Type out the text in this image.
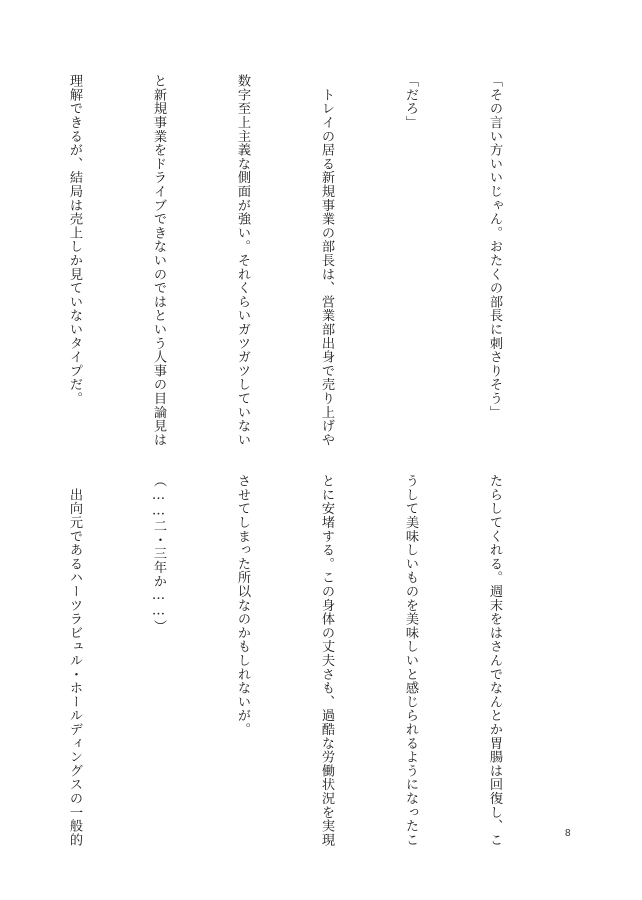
「その言い方いいじゃん。おたくの部長に刺さりそう」

「だろ」

　トレイの居る新規事業の部長は、営業部出身で売り上げや

数字至上主義な側面が強い。それくらいガツガツしていない

と新規事業をドライブできないのではという人事の目論見は

理解できるが、結局は売上しか見ていないタイプだ。

たらしてくれる。週末をはさんでなんとか胃腸は回復し、こ

うして美味しいものを美味しいと感じられるようになったこ

とに安堵する。この身体の丈夫さも、過酷な労働状況を実現

させてしまった所以なのかもしれないが。

（……二・三年か……）

　出向元であるハーツラビュル・ホールディングスの一般的

	8
